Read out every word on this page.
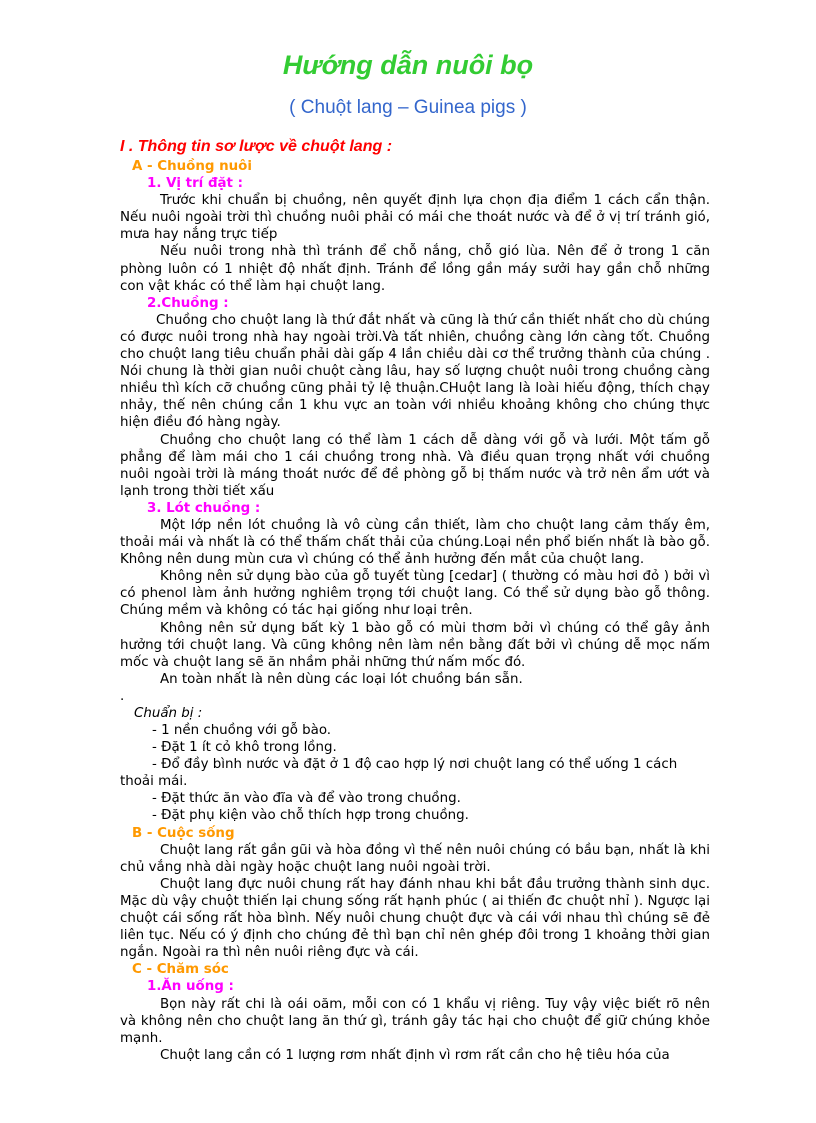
Hướng dẫn nuôi bọ

( Chuột lang – Guinea pigs )

I . Thông tin sơ lược về chuột lang :

A - Chuồng nuôi

1. Vị trí đặt :

Trước khi chuẩn bị chuồng, nên quyết định lựa chọn địa điểm 1 cách cẩn thận. Nếu nuôi ngoài trời thì chuồng nuôi phải có mái che thoát nước và để ở vị trí tránh gió, mưa hay nắng trực tiếp

Nếu nuôi trong nhà thì tránh để chỗ nắng, chỗ gió lùa. Nên để ở trong 1 căn phòng luôn có 1 nhiệt độ nhất định. Tránh để lồng gần máy sưởi hay gần chỗ những con vật khác có thể làm hại chuột lang.

2.Chuồng :

Chuồng cho chuột lang là thứ đắt nhất và cũng là thứ cần thiết nhất cho dù chúng có được nuôi trong nhà hay ngoài trời.Và tất nhiên, chuồng càng lớn càng tốt. Chuồng cho chuột lang tiêu chuẩn phải dài gấp 4 lần chiều dài cơ thể trưởng thành của chúng . Nói chung là thời gian nuôi chuột càng lâu, hay số lượng chuột nuôi trong chuồng càng nhiều thì kích cỡ chuồng cũng phải tỷ lệ thuận.CHuột lang là loài hiếu động, thích chạy nhảy, thế nên chúng cần 1 khu vực an toàn với nhiều khoảng không cho chúng thực hiện điều đó hàng ngày.

Chuồng cho chuột lang có thể làm 1 cách dễ dàng với gỗ và lưới. Một tấm gỗ phẳng để làm mái cho 1 cái chuồng trong nhà. Và điều quan trọng nhất với chuồng nuôi ngoài trời là máng thoát nước để đề phòng gỗ bị thấm nước và trở nên ẩm ướt và lạnh trong thời tiết xấu

3. Lót chuồng :

Một lớp nền lót chuồng là vô cùng cần thiết, làm cho chuột lang cảm thấy êm, thoải mái và nhất là có thể thấm chất thải của chúng.Loại nền phổ biến nhất là bào gỗ. Không nên dung mùn cưa vì chúng có thể ảnh hưởng đến mắt của chuột lang.

Không nên sử dụng bào của gỗ tuyết tùng [cedar] ( thường có màu hơi đỏ ) bởi vì có phenol làm ảnh hưởng nghiêm trọng tới chuột lang. Có thể sử dụng bào gỗ thông. Chúng mềm và không có tác hại giống như loại trên.

Không nên sử dụng bất kỳ 1 bào gỗ có mùi thơm bởi vì chúng có thể gây ảnh hưởng tới chuột lang. Và cũng không nên làm nền bằng đất bởi vì chúng dễ mọc nấm mốc và chuột lang sẽ ăn nhầm phải những thứ nấm mốc đó.

An toàn nhất là nên dùng các loại lót chuồng bán sẵn.

.

Chuẩn bị :

- 1 nền chuồng với gỗ bào.

- Đặt 1 ít cỏ khô trong lồng.

- Đổ đầy bình nước và đặt ở 1 độ cao hợp lý nơi chuột lang có thể uống 1 cách thoải mái.

- Đặt thức ăn vào đĩa và để vào trong chuồng.

- Đặt phụ kiện vào chỗ thích hợp trong chuồng.

B - Cuộc sống

Chuột lang rất gần gũi và hòa đồng vì thế nên nuôi chúng có bầu bạn, nhất là khi chủ vắng nhà dài ngày hoặc chuột lang nuôi ngoài trời.

Chuột lang đực nuôi chung rất hay đánh nhau khi bắt đầu trưởng thành sinh dục. Mặc dù vậy chuột thiến lại chung sống rất hạnh phúc ( ai thiến đc chuột nhỉ ). Ngược lại chuột cái sống rất hòa bình. Nếy nuôi chung chuột đực và cái với nhau thì chúng sẽ đẻ liên tục. Nếu có ý định cho chúng đẻ thì bạn chỉ nên ghép đôi trong 1 khoảng thời gian ngắn. Ngoài ra thì nên nuôi riêng đực và cái.

C - Chăm sóc

1.Ăn uống :

Bọn này rất chi là oái oăm, mỗi con có 1 khẩu vị riêng. Tuy vậy việc biết rõ nên và không nên cho chuột lang ăn thứ gì, tránh gây tác hại cho chuột để giữ chúng khỏe mạnh.

Chuột lang cần có 1 lượng rơm nhất định vì rơm rất cần cho hệ tiêu hóa của
